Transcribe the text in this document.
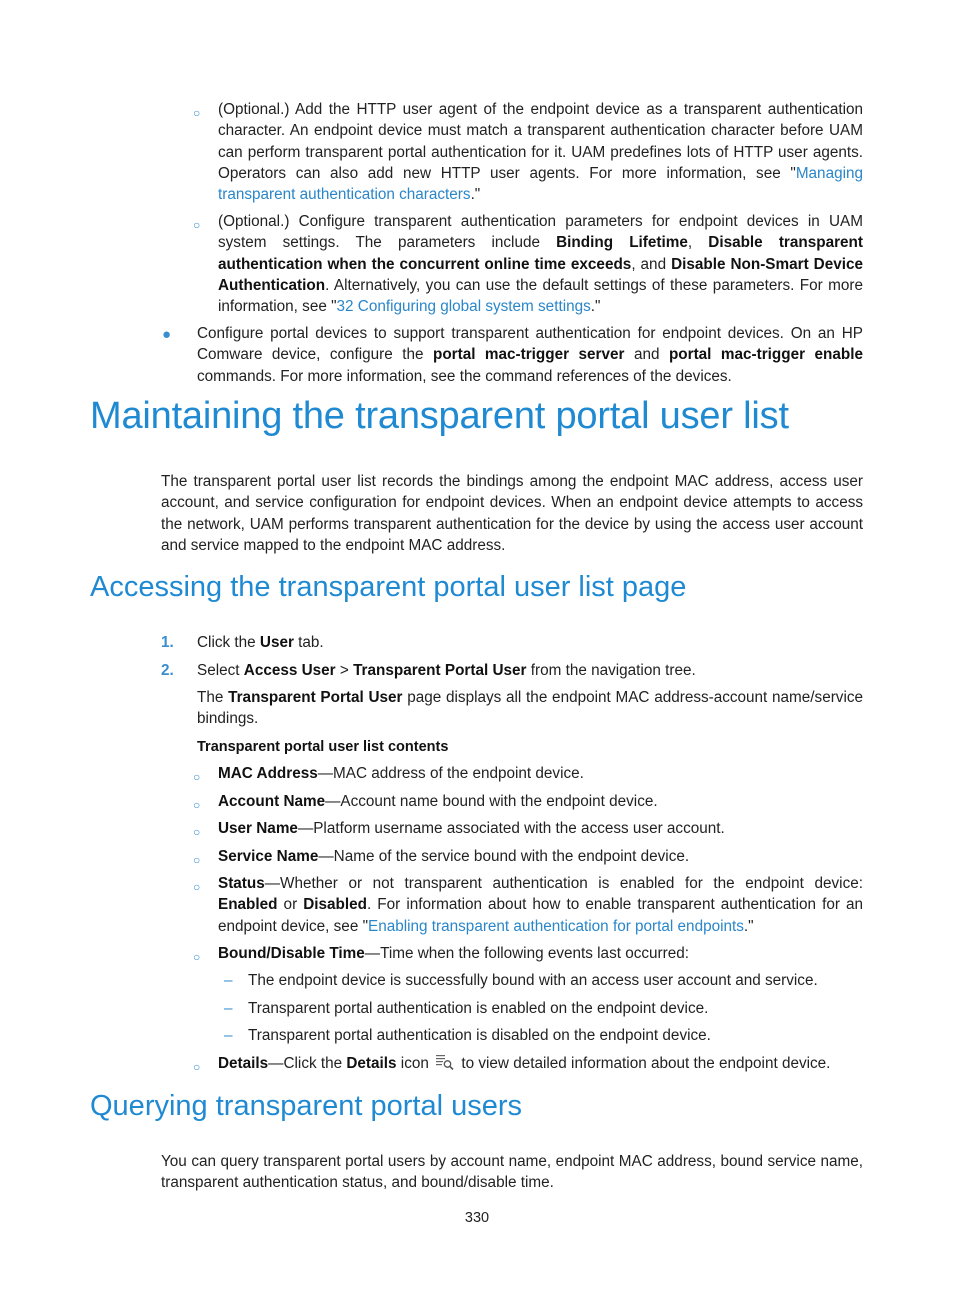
○ (Optional.) Add the HTTP user agent of the endpoint device as a transparent authentication character. An endpoint device must match a transparent authentication character before UAM can perform transparent portal authentication for it. UAM predefines lots of HTTP user agents. Operators can also add new HTTP user agents. For more information, see "Managing transparent authentication characters."
○ (Optional.) Configure transparent authentication parameters for endpoint devices in UAM system settings. The parameters include Binding Lifetime, Disable transparent authentication when the concurrent online time exceeds, and Disable Non-Smart Device Authentication. Alternatively, you can use the default settings of these parameters. For more information, see "32 Configuring global system settings."
● Configure portal devices to support transparent authentication for endpoint devices. On an HP Comware device, configure the portal mac-trigger server and portal mac-trigger enable commands. For more information, see the command references of the devices.
Maintaining the transparent portal user list
The transparent portal user list records the bindings among the endpoint MAC address, access user account, and service configuration for endpoint devices. When an endpoint device attempts to access the network, UAM performs transparent authentication for the device by using the access user account and service mapped to the endpoint MAC address.
Accessing the transparent portal user list page
1. Click the User tab.
2. Select Access User > Transparent Portal User from the navigation tree.
The Transparent Portal User page displays all the endpoint MAC address-account name/service bindings.
Transparent portal user list contents
○ MAC Address—MAC address of the endpoint device.
○ Account Name—Account name bound with the endpoint device.
○ User Name—Platform username associated with the access user account.
○ Service Name—Name of the service bound with the endpoint device.
○ Status—Whether or not transparent authentication is enabled for the endpoint device: Enabled or Disabled. For information about how to enable transparent authentication for an endpoint device, see "Enabling transparent authentication for portal endpoints."
○ Bound/Disable Time—Time when the following events last occurred:
– The endpoint device is successfully bound with an access user account and service.
– Transparent portal authentication is enabled on the endpoint device.
– Transparent portal authentication is disabled on the endpoint device.
○ Details—Click the Details icon  to view detailed information about the endpoint device.
Querying transparent portal users
You can query transparent portal users by account name, endpoint MAC address, bound service name, transparent authentication status, and bound/disable time.
330
